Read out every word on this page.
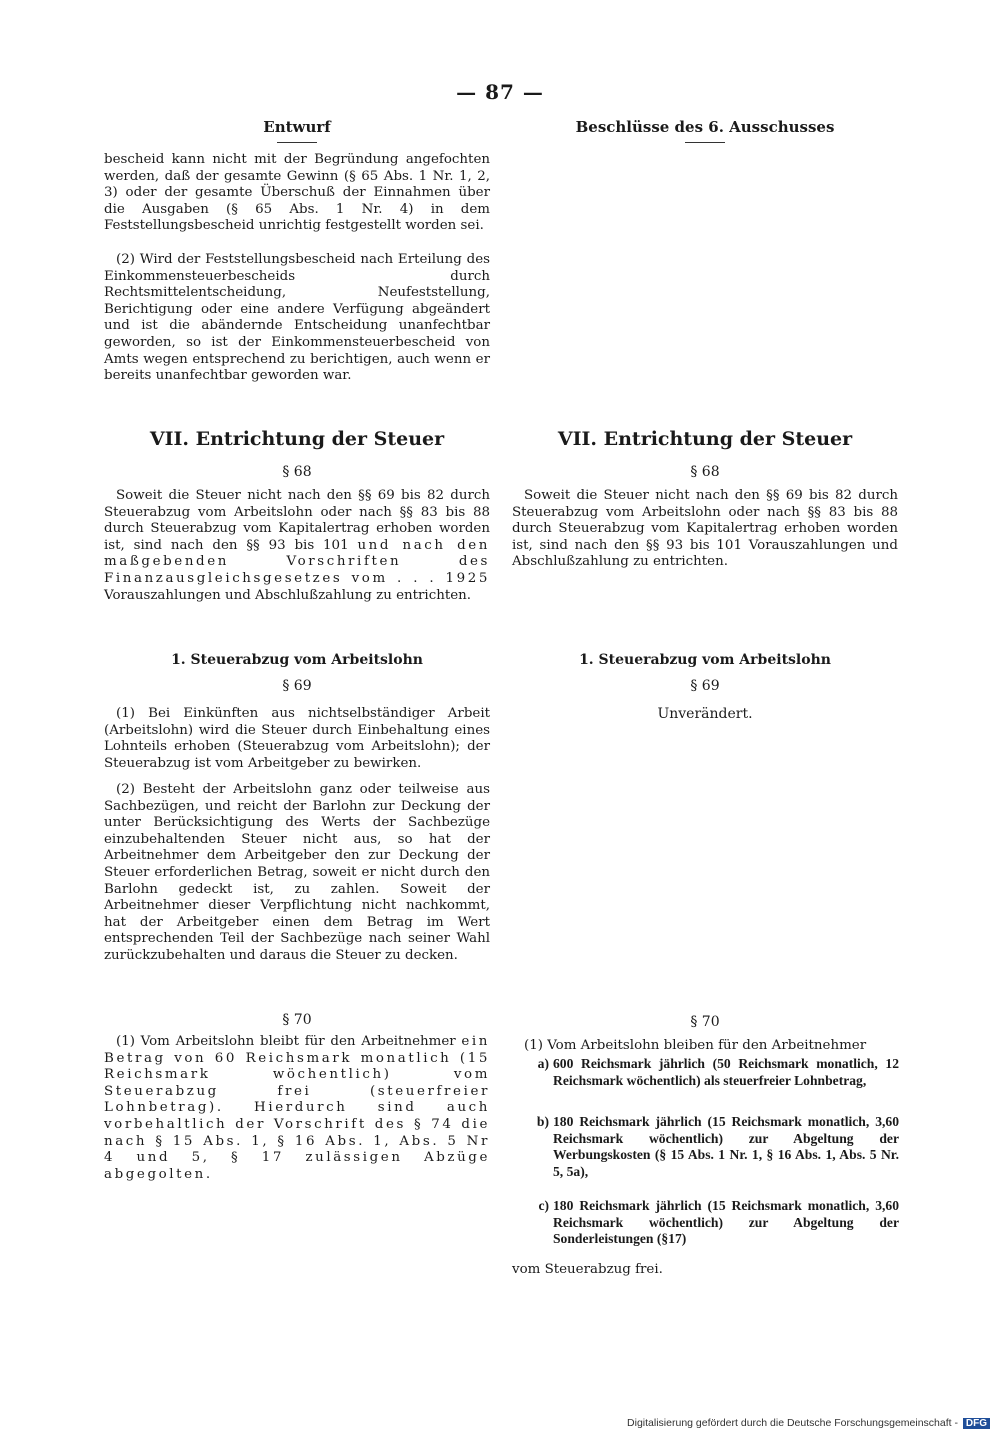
— 87 —
Entwurf	Beschlüsse des 6. Ausschusses
bescheid kann nicht mit der Begründung angefochten werden, daß der gesamte Gewinn (§ 65 Abs. 1 Nr. 1, 2, 3) oder der gesamte Überschuß der Einnahmen über die Ausgaben (§ 65 Abs. 1 Nr. 4) in dem Feststellungsbescheid unrichtig festgestellt worden sei.
(2) Wird der Feststellungsbescheid nach Erteilung des Einkommensteuerbescheids durch Rechtsmittelentscheidung, Neufeststellung, Berichtigung oder eine andere Verfügung abgeändert und ist die abändernde Entscheidung unanfechtbar geworden, so ist der Einkommensteuerbescheid von Amts wegen entsprechend zu berichtigen, auch wenn er bereits unanfechtbar geworden war.
VII. Entrichtung der Steuer	VII. Entrichtung der Steuer
§ 68	§ 68
Soweit die Steuer nicht nach den §§ 69 bis 82 durch Steuerabzug vom Arbeitslohn oder nach §§ 83 bis 88 durch Steuerabzug vom Kapitalertrag erhoben worden ist, sind nach den §§ 93 bis 101 und nach den maßgebenden Vorschriften des Finanzausgleichsgesetzes vom . . . 1925 Vorauszahlungen und Abschlußzahlung zu entrichten.
Soweit die Steuer nicht nach den §§ 69 bis 82 durch Steuerabzug vom Arbeitslohn oder nach §§ 83 bis 88 durch Steuerabzug vom Kapitalertrag erhoben worden ist, sind nach den §§ 93 bis 101 Vorauszahlungen und Abschlußzahlung zu entrichten.
1. Steuerabzug vom Arbeitslohn	1. Steuerabzug vom Arbeitslohn
§ 69	§ 69
(1) Bei Einkünften aus nichtselbständiger Arbeit (Arbeitslohn) wird die Steuer durch Einbehaltung eines Lohnteils erhoben (Steuerabzug vom Arbeitslohn); der Steuerabzug ist vom Arbeitgeber zu bewirken.
Unverändert.
(2) Besteht der Arbeitslohn ganz oder teilweise aus Sachbezügen, und reicht der Barlohn zur Deckung der unter Berücksichtigung des Werts der Sachbezüge einzubehaltenden Steuer nicht aus, so hat der Arbeitnehmer dem Arbeitgeber den zur Deckung der Steuer erforderlichen Betrag, soweit er nicht durch den Barlohn gedeckt ist, zu zahlen. Soweit der Arbeitnehmer dieser Verpflichtung nicht nachkommt, hat der Arbeitgeber einen dem Betrag im Wert entsprechenden Teil der Sachbezüge nach seiner Wahl zurückzubehalten und daraus die Steuer zu decken.
§ 70	§ 70
(1) Vom Arbeitslohn bleibt für den Arbeitnehmer ein Betrag von 60 Reichsmark monatlich (15 Reichsmark wöchentlich) vom Steuerabzug frei (steuerfreier Lohnbetrag). Hierdurch sind auch vorbehaltlich der Vorschrift des § 74 die nach § 15 Abs. 1, § 16 Abs. 1, Abs. 5 Nr 4 und 5, § 17 zulässigen Abzüge abgegolten.
(1) Vom Arbeitslohn bleiben für den Arbeitnehmer
a) 600 Reichsmark jährlich (50 Reichsmark monatlich, 12 Reichsmark wöchentlich) als steuerfreier Lohnbetrag,
b) 180 Reichsmark jährlich (15 Reichsmark monatlich, 3,60 Reichsmark wöchentlich) zur Abgeltung der Werbungskosten (§ 15 Abs. 1 Nr. 1, § 16 Abs. 1, Abs. 5 Nr. 5, 5a),
c) 180 Reichsmark jährlich (15 Reichsmark monatlich, 3,60 Reichsmark wöchentlich) zur Abgeltung der Sonderleistungen (§17)
vom Steuerabzug frei.
Digitalisierung gefördert durch die Deutsche Forschungsgemeinschaft - DFG
